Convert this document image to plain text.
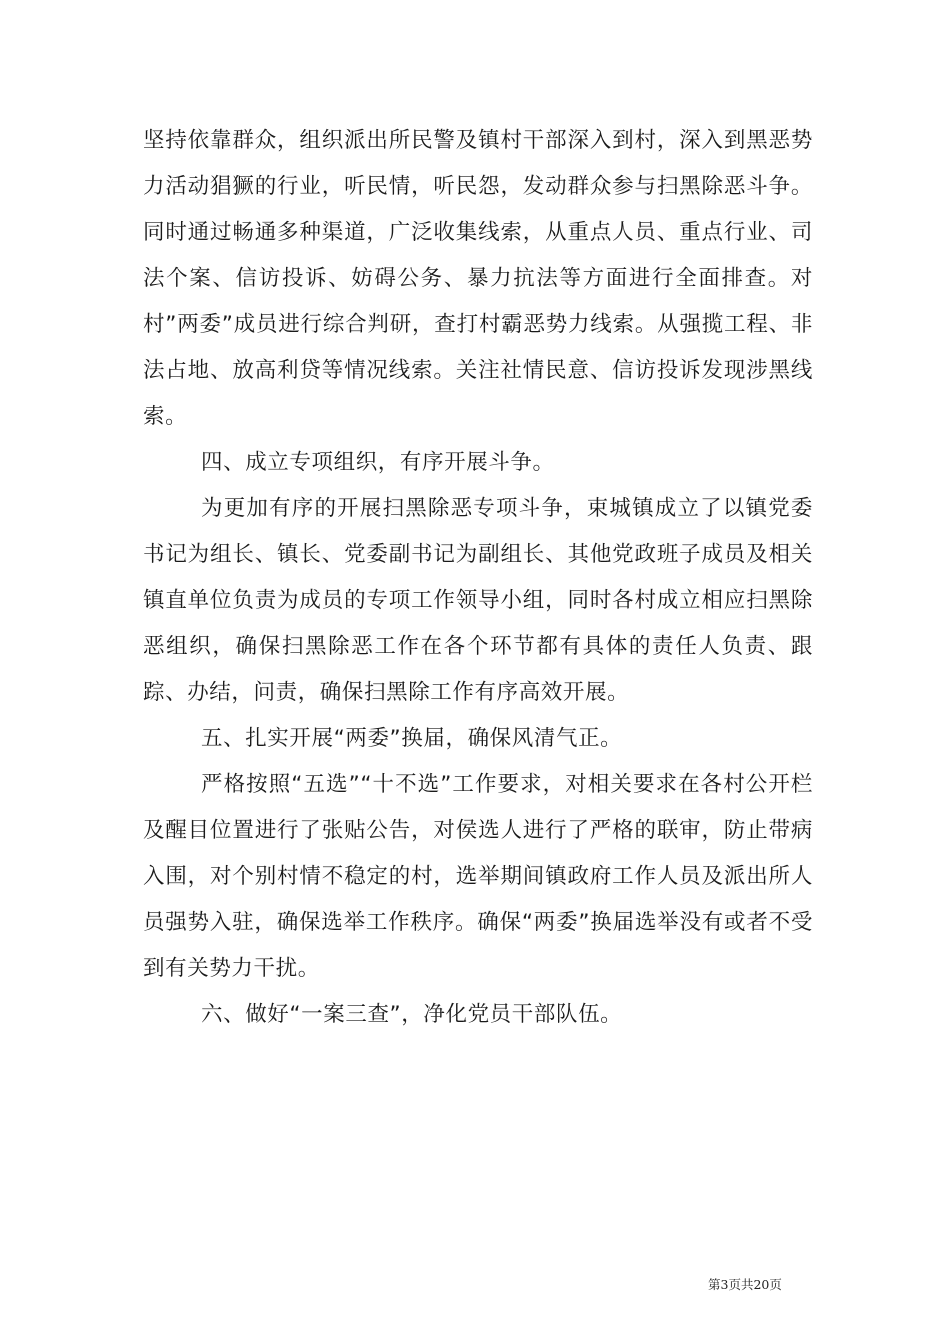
坚持依靠群众，组织派出所民警及镇村干部深入到村，深入到黑恶势力活动猖獗的行业，听民情，听民怨，发动群众参与扫黑除恶斗争。同时通过畅通多种渠道，广泛收集线索，从重点人员、重点行业、司法个案、信访投诉、妨碍公务、暴力抗法等方面进行全面排查。对村”两委”成员进行综合判研，查打村霸恶势力线索。从强揽工程、非法占地、放高利贷等情况线索。关注社情民意、信访投诉发现涉黑线索。

四、成立专项组织，有序开展斗争。

为更加有序的开展扫黑除恶专项斗争，束城镇成立了以镇党委书记为组长、镇长、党委副书记为副组长、其他党政班子成员及相关镇直单位负责为成员的专项工作领导小组，同时各村成立相应扫黑除恶组织，确保扫黑除恶工作在各个环节都有具体的责任人负责、跟踪、办结，问责，确保扫黑除工作有序高效开展。

五、扎实开展“两委”换届，确保风清气正。

严格按照“五选”“十不选”工作要求，对相关要求在各村公开栏及醒目位置进行了张贴公告，对侯选人进行了严格的联审，防止带病入围，对个别村情不稳定的村，选举期间镇政府工作人员及派出所人员强势入驻，确保选举工作秩序。确保“两委”换届选举没有或者不受到有关势力干扰。

六、做好“一案三查”，净化党员干部队伍。

第3页共20页
